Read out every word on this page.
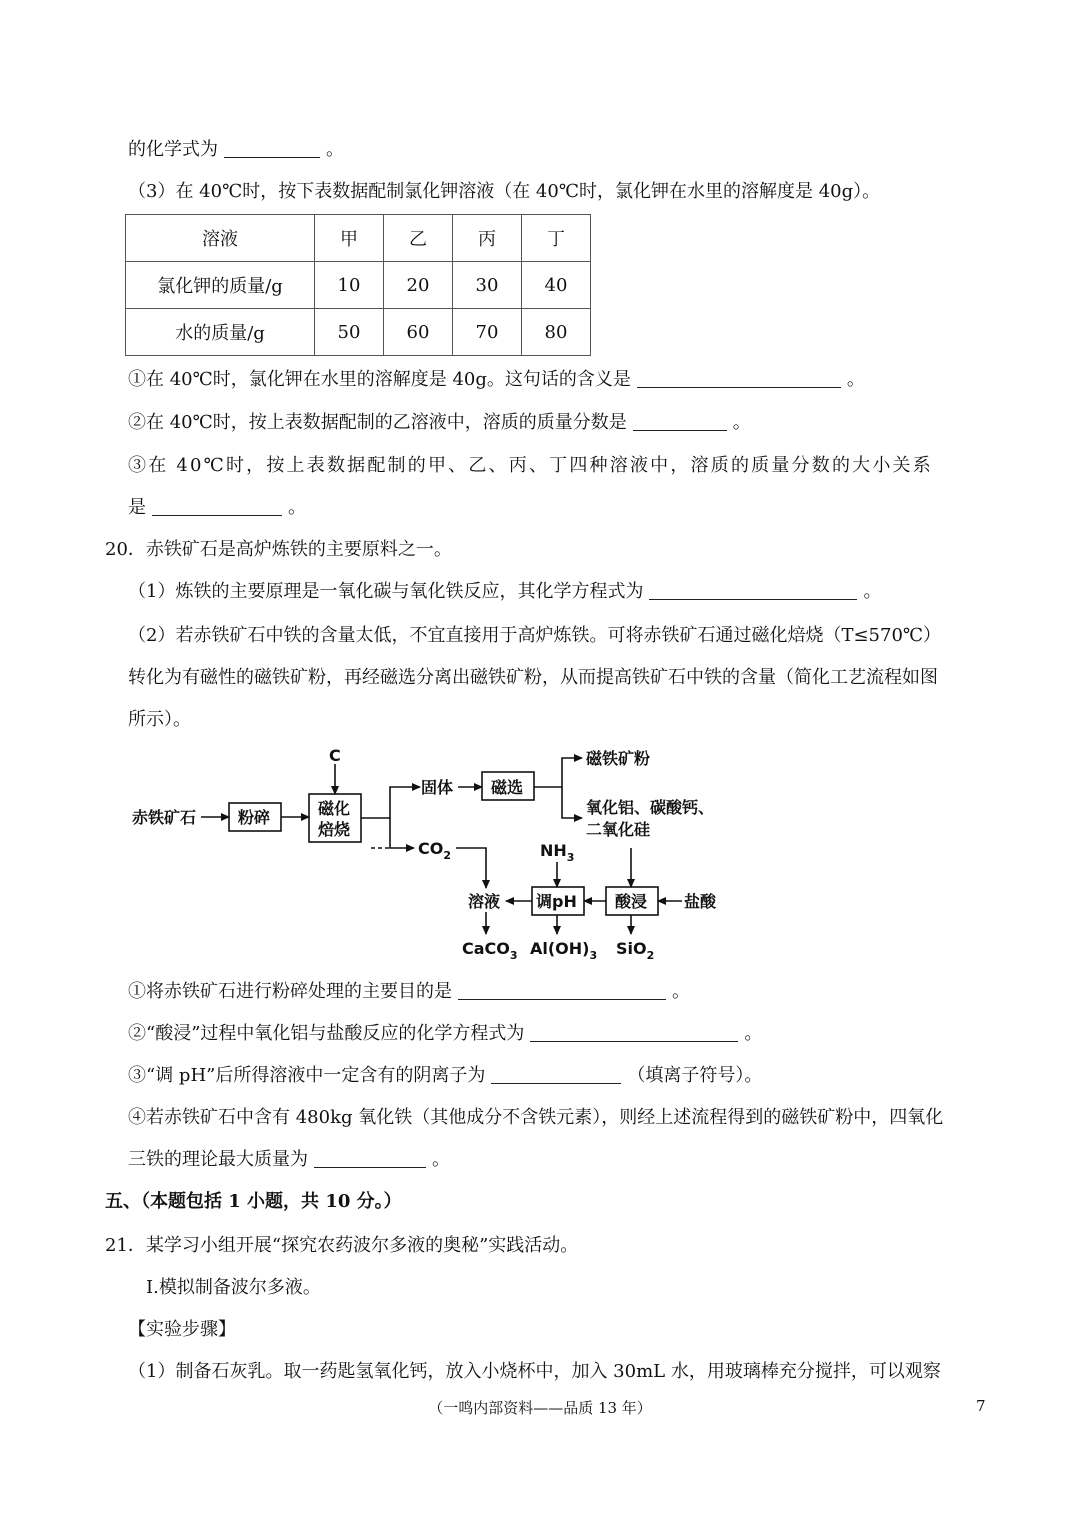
的化学式为	。
（3）在 40℃时，按下表数据配制氯化钾溶液（在 40℃时，氯化钾在水里的溶解度是 40g）。
溶液	甲	乙	丙	丁
氯化钾的质量/g	10	20	30	40
水的质量/g	50	60	70	80
①在 40℃时，氯化钾在水里的溶解度是 40g。这句话的含义是	。
②在 40℃时，按上表数据配制的乙溶液中，溶质的质量分数是	。
③在 40℃时，按上表数据配制的甲、乙、丙、丁四种溶液中，溶质的质量分数的大小关系
是	。
20．赤铁矿石是高炉炼铁的主要原料之一。
（1）炼铁的主要原理是一氧化碳与氧化铁反应，其化学方程式为	。
（2）若赤铁矿石中铁的含量太低，不宜直接用于高炉炼铁。可将赤铁矿石通过磁化焙烧（T≤570℃）
转化为有磁性的磁铁矿粉，再经磁选分离出磁铁矿粉，从而提高铁矿石中铁的含量（简化工艺流程如图
所示）。
赤铁矿石	粉碎	磁化
焙烧
C
固体 磁选
磁铁矿粉
氧化铝、碳酸钙、
二氧化硅
$CO_2$	$NH_3$
溶液 调pH 酸浸 盐酸
CaCO$_3$ $Al(OH)_3$ SiO$_2$
①将赤铁矿石进行粉碎处理的主要目的是	。
②“酸浸”过程中氧化铝与盐酸反应的化学方程式为	。
③“调 pH”后所得溶液中一定含有的阴离子为	（填离子符号）。
④若赤铁矿石中含有 480kg 氧化铁（其他成分不含铁元素），则经上述流程得到的磁铁矿粉中，四氧化
三铁的理论最大质量为	。
五、（本题包括 1 小题，共 10 分。）
21．某学习小组开展“探究农药波尔多液的奥秘”实践活动。
Ⅰ.模拟制备波尔多液。
【实验步骤】
（1）制备石灰乳。取一药匙氢氧化钙，放入小烧杯中，加入 30mL 水，用玻璃棒充分搅拌，可以观察
（一鸣内部资料——品质 13 年）	7
